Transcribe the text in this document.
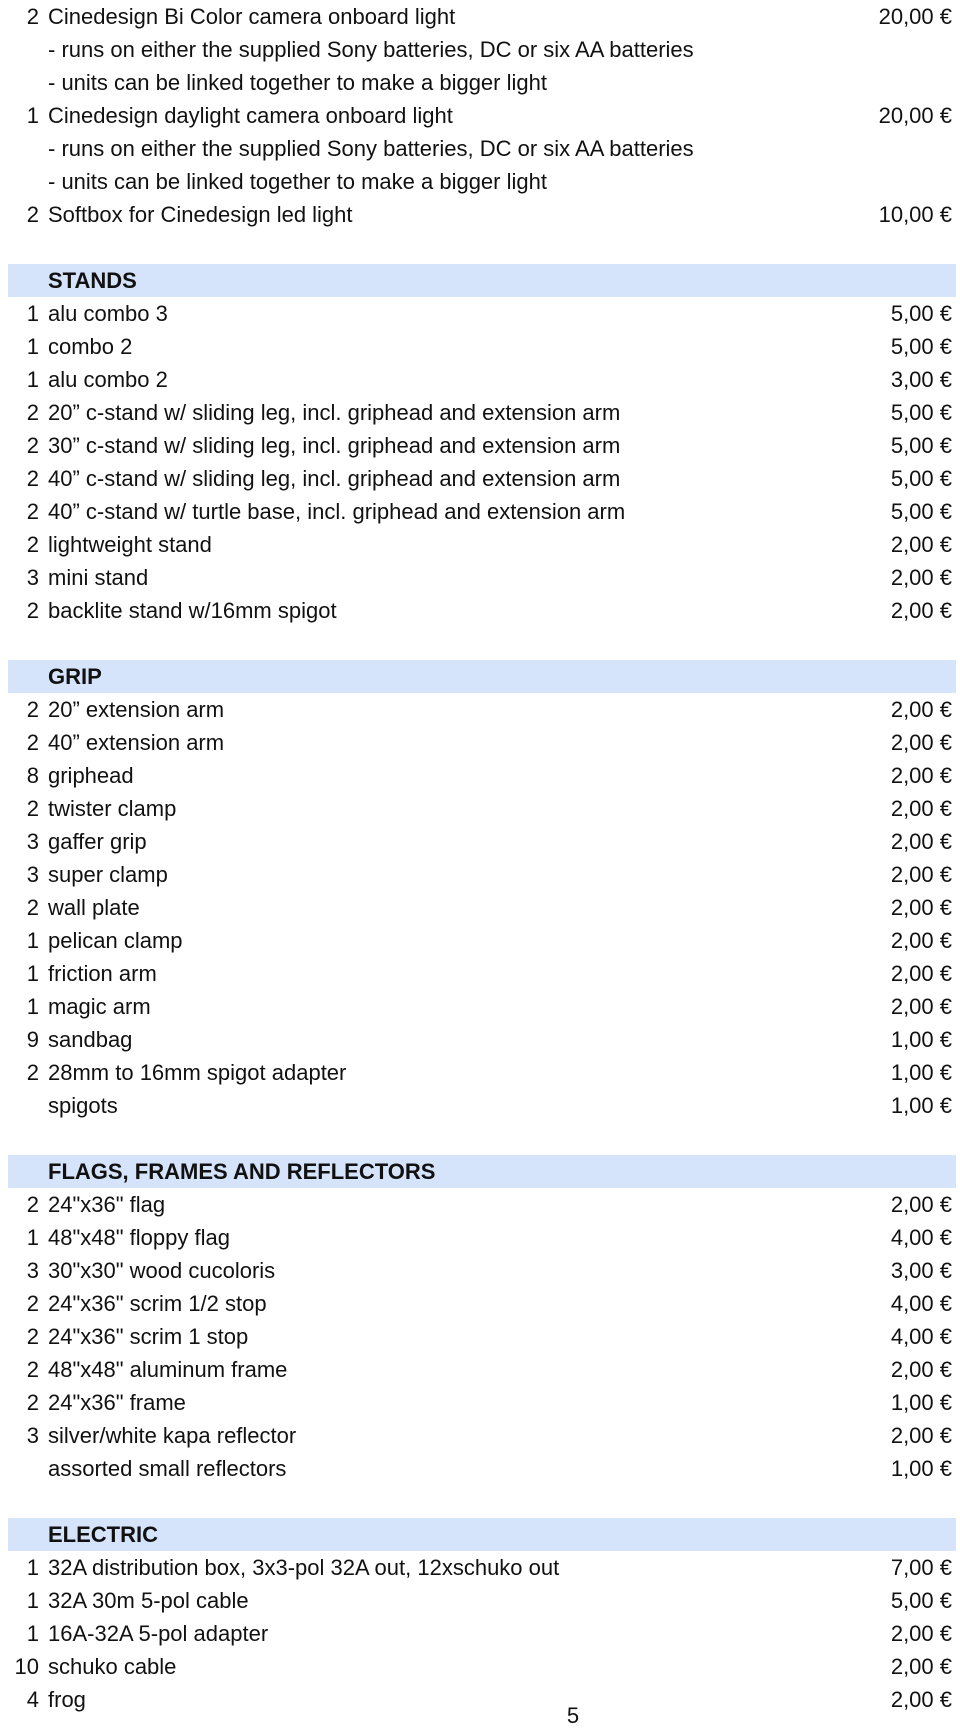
2 Cinedesign Bi Color camera onboard light	20,00 €
- runs on either the supplied Sony batteries, DC or six AA batteries
- units can be linked together to make a bigger light
1 Cinedesign daylight camera onboard light	20,00 €
- runs on either the supplied Sony batteries, DC or six AA batteries
- units can be linked together to make a bigger light
2 Softbox for Cinedesign led light	10,00 €
STANDS
1 alu combo 3	5,00 €
1 combo 2	5,00 €
1 alu combo 2	3,00 €
2 20” c-stand w/ sliding leg, incl. griphead and extension arm	5,00 €
2 30” c-stand w/ sliding leg, incl. griphead and extension arm	5,00 €
2 40” c-stand w/ sliding leg, incl. griphead and extension arm	5,00 €
2 40” c-stand w/ turtle base, incl. griphead and extension arm	5,00 €
2 lightweight stand	2,00 €
3 mini stand	2,00 €
2 backlite stand w/16mm spigot	2,00 €
GRIP
2 20” extension arm	2,00 €
2 40” extension arm	2,00 €
8 griphead	2,00 €
2 twister clamp	2,00 €
3 gaffer grip	2,00 €
3 super clamp	2,00 €
2 wall plate	2,00 €
1 pelican clamp	2,00 €
1 friction arm	2,00 €
1 magic arm	2,00 €
9 sandbag	1,00 €
2 28mm to 16mm spigot adapter	1,00 €
spigots	1,00 €
FLAGS, FRAMES AND REFLECTORS
2 24"x36" flag	2,00 €
1 48"x48" floppy flag	4,00 €
3 30"x30" wood cucoloris	3,00 €
2 24"x36" scrim 1/2 stop	4,00 €
2 24"x36" scrim 1 stop	4,00 €
2 48"x48" aluminum frame	2,00 €
2 24"x36" frame	1,00 €
3 silver/white kapa reflector	2,00 €
assorted small reflectors	1,00 €
ELECTRIC
1 32A distribution box, 3x3-pol 32A out, 12xschuko out	7,00 €
1 32A 30m 5-pol cable	5,00 €
1 16A-32A 5-pol adapter	2,00 €
10 schuko cable	2,00 €
4 frog	2,00 €
5
